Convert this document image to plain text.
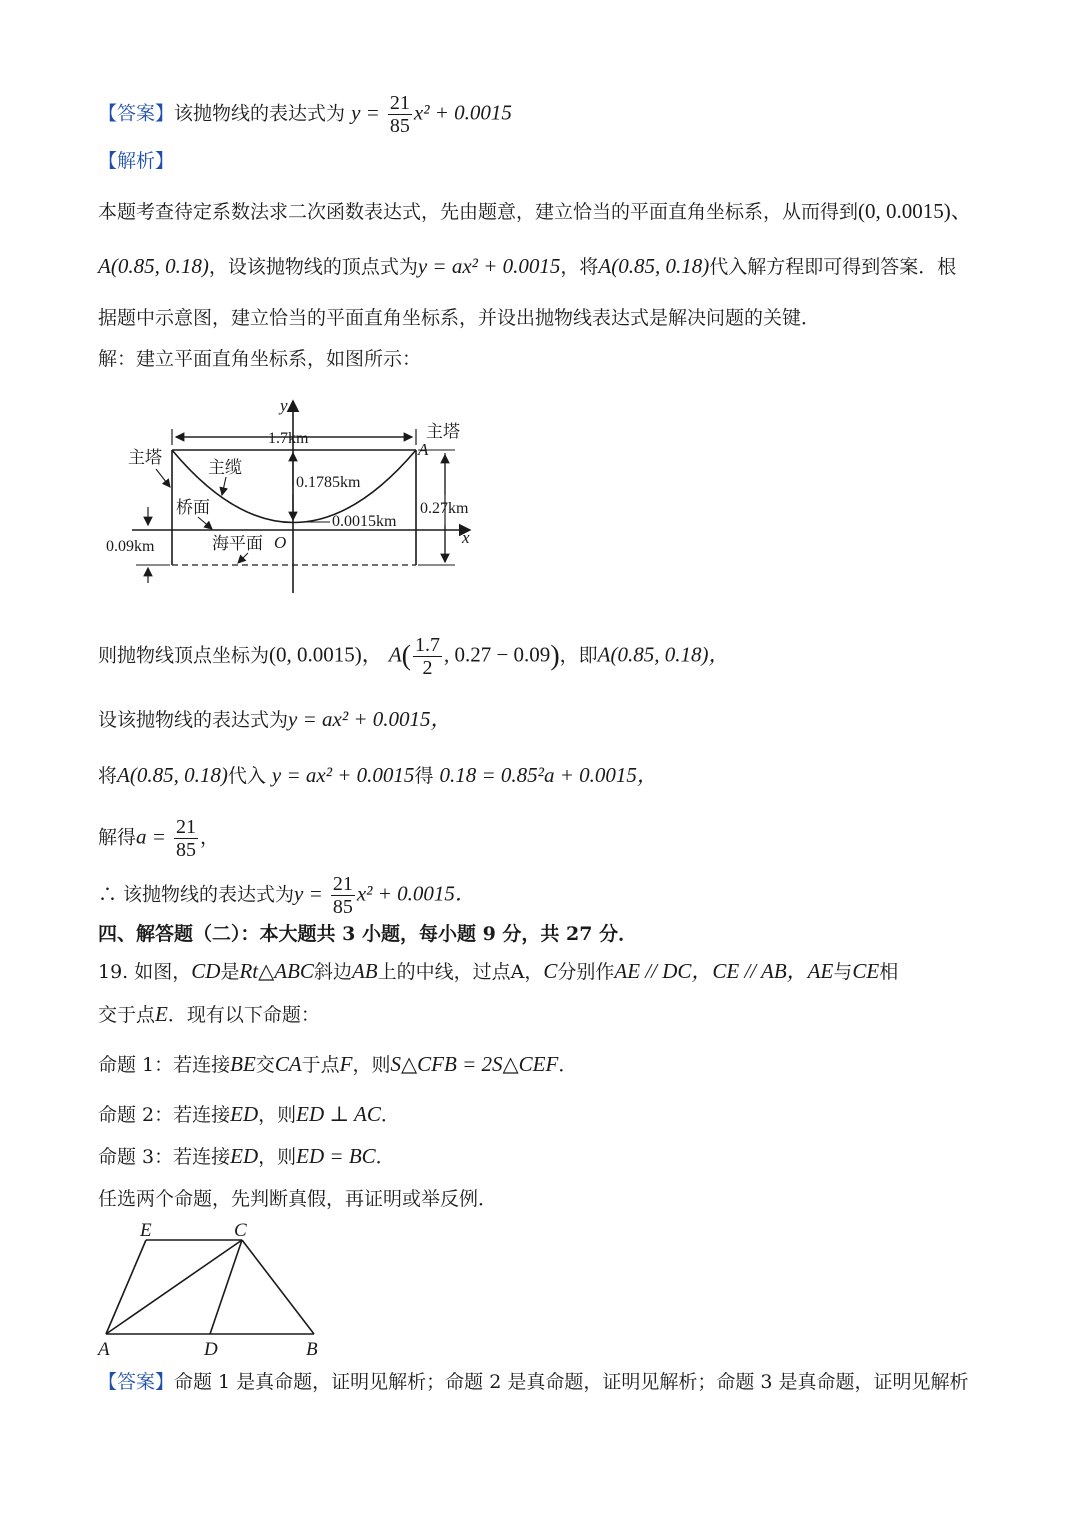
【答案】该抛物线的表达式为 $y = \frac{21}{85} x^2 + 0.0015$
【解析】
本题考查待定系数法求二次函数表达式，先由题意，建立恰当的平面直角坐标系，从而得到(0, 0.0015)、
A(0.85, 0.18)，设该抛物线的顶点式为y = ax² + 0.0015，将A(0.85, 0.18)代入解方程即可得到答案．根
据题中示意图，建立恰当的平面直角坐标系，并设出抛物线表达式是解决问题的关键．
解：建立平面直角坐标系，如图所示：
1.7km
0.1785km
0.0015km
0.27km
0.09km
主塔
主塔
A
主缆
桥面
海平面 O	x
y
则抛物线顶点坐标为(0, 0.0015)， $A( \frac{1.7}{2}$ , 0.27 − 0.09)，即A(0.85, 0.18)，
设该抛物线的表达式为y = ax² + 0.0015，
将A(0.85, 0.18)代入 y = ax² + 0.0015得 0.18 = 0.85²a + 0.0015，
解得$a = \frac{21}{85}$ ，
∴ 该抛物线的表达式为$y = \frac{21}{85} x^2 + 0.0015$．
四、解答题（二）：本大题共 3 小题，每小题 9 分，共 27 分．
19. 如图，CD是Rt△ABC斜边AB上的中线，过点A，C分别作AE // DC，CE // AB，AE与CE相
交于点E．现有以下命题：
命题 1：若连接BE交CA于点F，则S△CFB = 2S△CEF．
命题 2：若连接ED，则ED ⊥ AC．
命题 3：若连接ED，则ED = BC．
任选两个命题，先判断真假，再证明或举反例．
E	C
A	D	B
【答案】命题 1 是真命题，证明见解析；命题 2 是真命题，证明见解析；命题 3 是真命题，证明见解析
